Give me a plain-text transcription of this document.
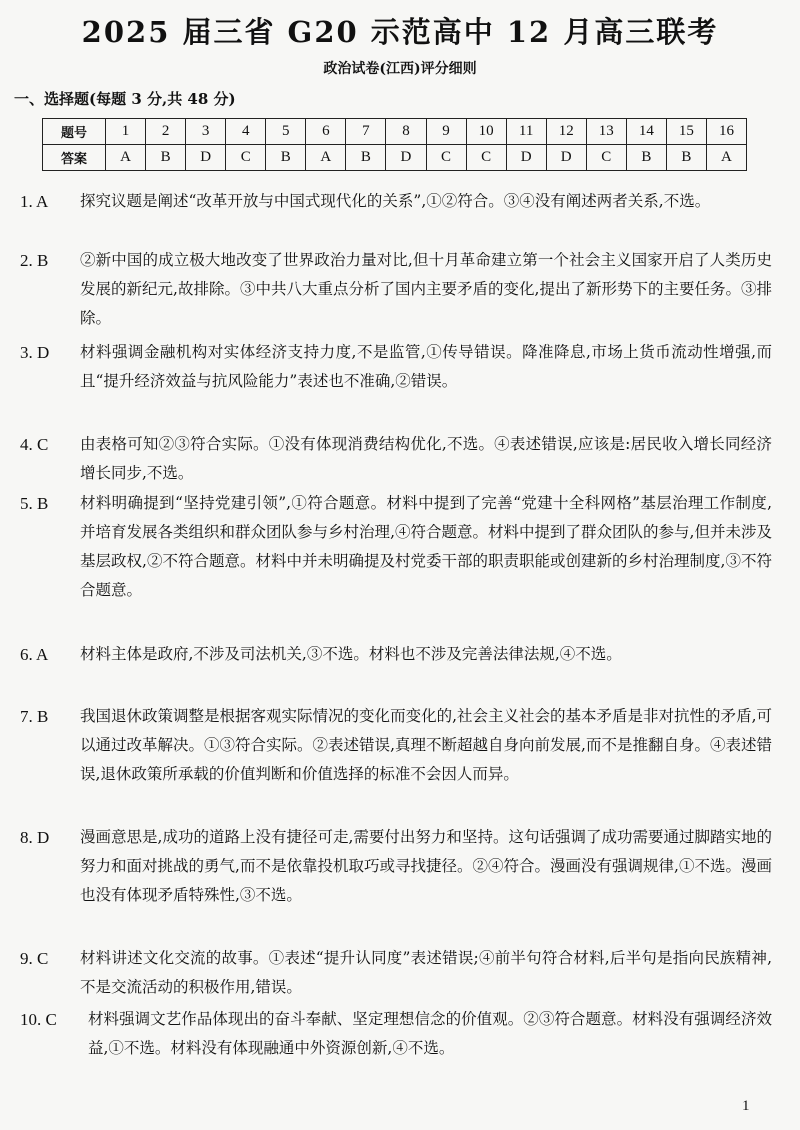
2025 届三省 G20 示范高中 12 月高三联考
政治试卷(江西)评分细则
一、选择题(每题 3 分,共 48 分)
题号	1	2	3	4	5	6	7	8	9	10	11	12	13	14	15	16
答案	A	B	D	C	B	A	B	D	C	C	D	D	C	B	B	A
1. A	探究议题是阐述“改革开放与中国式现代化的关系”,①②符合。③④没有阐述两者关系,不选。
2. B	②新中国的成立极大地改变了世界政治力量对比,但十月革命建立第一个社会主义国家开启了人类历史发展的新纪元,故排除。③中共八大重点分析了国内主要矛盾的变化,提出了新形势下的主要任务。③排除。
3. D	材料强调金融机构对实体经济支持力度,不是监管,①传导错误。降准降息,市场上货币流动性增强,而且“提升经济效益与抗风险能力”表述也不准确,②错误。
4. C	由表格可知②③符合实际。①没有体现消费结构优化,不选。④表述错误,应该是:居民收入增长同经济增长同步,不选。
5. B	材料明确提到“坚持党建引领”,①符合题意。材料中提到了完善“党建十全科网格”基层治理工作制度,并培育发展各类组织和群众团队参与乡村治理,④符合题意。材料中提到了群众团队的参与,但并未涉及基层政权,②不符合题意。材料中并未明确提及村党委干部的职责职能或创建新的乡村治理制度,③不符合题意。
6. A	材料主体是政府,不涉及司法机关,③不选。材料也不涉及完善法律法规,④不选。
7. B	我国退休政策调整是根据客观实际情况的变化而变化的,社会主义社会的基本矛盾是非对抗性的矛盾,可以通过改革解决。①③符合实际。②表述错误,真理不断超越自身向前发展,而不是推翻自身。④表述错误,退休政策所承载的价值判断和价值选择的标准不会因人而异。
8. D	漫画意思是,成功的道路上没有捷径可走,需要付出努力和坚持。这句话强调了成功需要通过脚踏实地的努力和面对挑战的勇气,而不是依靠投机取巧或寻找捷径。②④符合。漫画没有强调规律,①不选。漫画也没有体现矛盾特殊性,③不选。
9. C	材料讲述文化交流的故事。①表述“提升认同度”表述错误;④前半句符合材料,后半句是指向民族精神,不是交流活动的积极作用,错误。
10. C	材料强调文艺作品体现出的奋斗奉献、坚定理想信念的价值观。②③符合题意。材料没有强调经济效益,①不选。材料没有体现融通中外资源创新,④不选。
1
